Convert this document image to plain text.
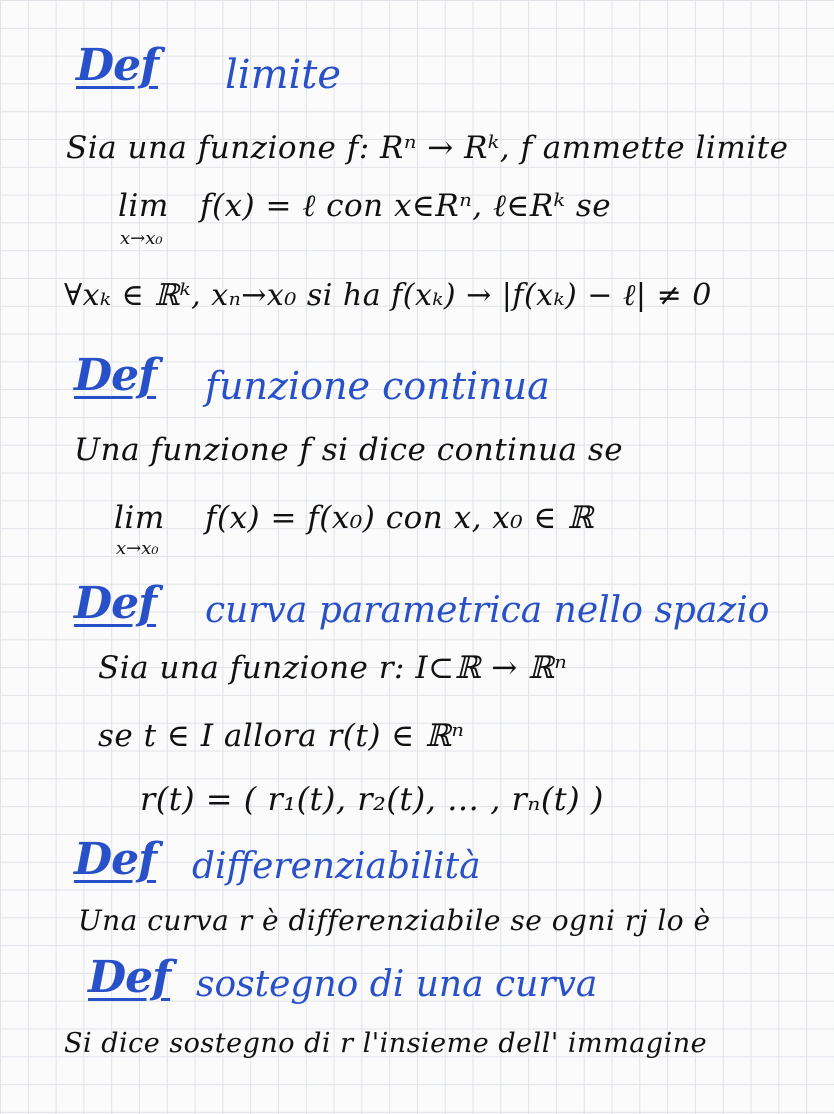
Def limite
Sia una funzione f: Rⁿ → Rᵏ, f ammette limite
lim
x→x₀
f(x) = ℓ con x∈Rⁿ, ℓ∈Rᵏ se
∀xₖ ∈ ℝᵏ, xₙ→x₀ si ha f(xₖ) → |f(xₖ) − ℓ| ≠ 0
Def funzione continua
Una funzione f si dice continua se
lim
x→x₀
f(x) = f(x₀) con x, x₀ ∈ ℝ
Def curva parametrica nello spazio
Sia una funzione r: I⊂ℝ → ℝⁿ
se t ∈ I allora r(t) ∈ ℝⁿ
r(t) = ( r₁(t), r₂(t), … , rₙ(t) )
Def differenziabilità
Una curva r è differenziabile se ogni rj lo è
Def sostegno di una curva
Si dice sostegno di r l'insieme dell' immagine
